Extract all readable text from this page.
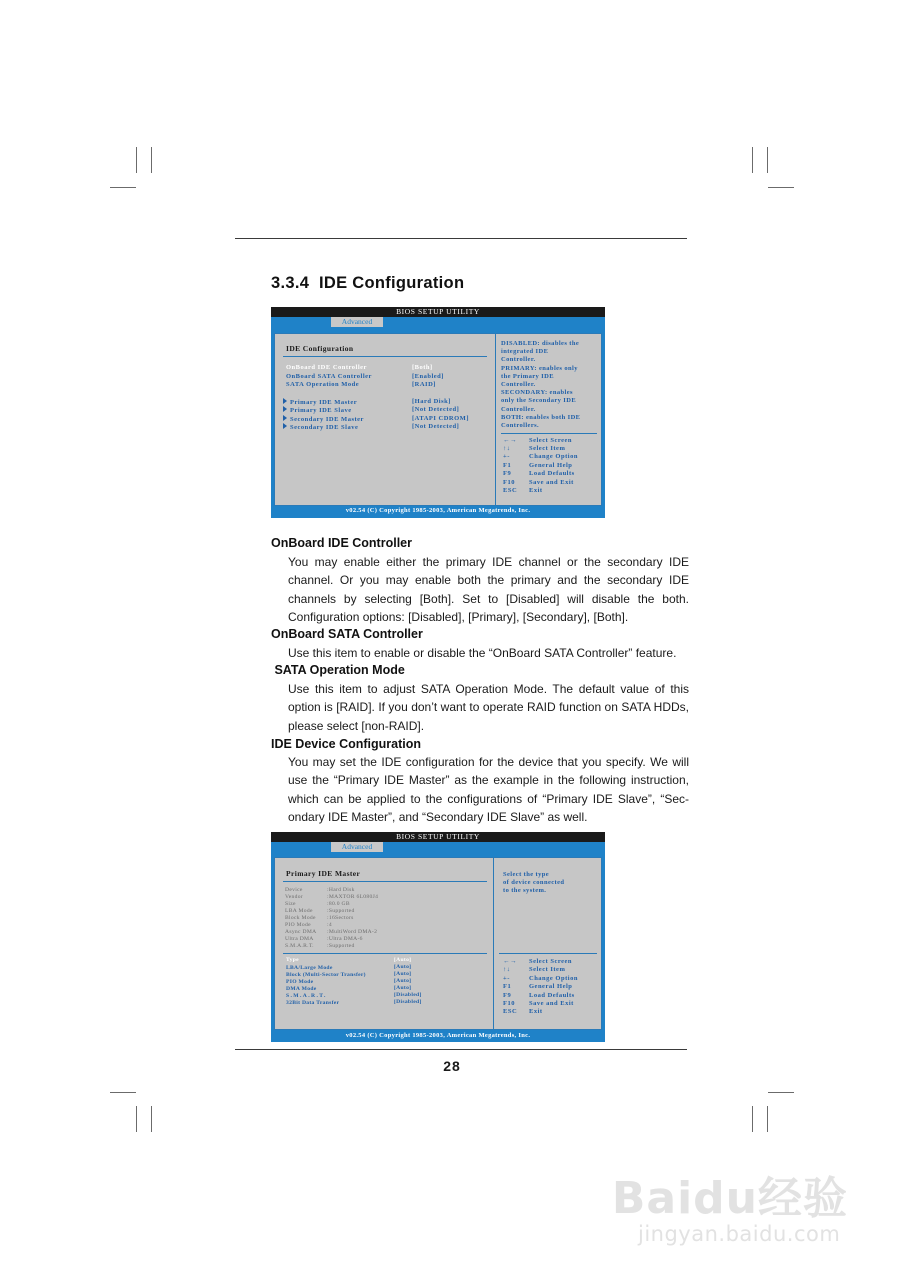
3.3.4 IDE Configuration
BIOS SETUP UTILITY
Advanced
IDE Configuration
OnBoard IDE Controller	[Both]
OnBoard SATA Controller	[Enabled]
SATA Operation Mode	[RAID]
Primary IDE Master	[Hard Disk]
Primary IDE Slave	[Not Detected]
Secondary IDE Master	[ATAPI CDROM]
Secondary IDE Slave	[Not Detected]
DISABLED: disables the
integrated IDE
Controller.
PRIMARY: enables only
the Primary IDE
Controller.
SECONDARY: enables
only the Secondary IDE
Controller.
BOTH: enables both IDE
Controllers.
←→ Select Screen
↑↓	Select Item
+-	Change Option
F1	General Help
F9	Load Defaults
F10 Save and Exit
ESC Exit
v02.54 (C) Copyright 1985-2003, American Megatrends, Inc.
OnBoard IDE Controller
You may enable either the primary IDE channel or the secondary IDE channel. Or you may enable both the primary and the secondary IDE channels by selecting [Both]. Set to [Disabled] will disable the both. Configuration options: [Disabled], [Primary], [Secondary], [Both].
OnBoard SATA Controller
Use this item to enable or disable the “OnBoard SATA Controller” feature.
SATA Operation Mode
Use this item to adjust SATA Operation Mode. The default value of this option is [RAID]. If you don’t want to operate RAID function on SATA HDDs, please select [non-RAID].
IDE Device Configuration
You may set the IDE configuration for the device that you specify. We will use the “Primary IDE Master” as the example in the following instruction, which can be applied to the configurations of “Primary IDE Slave”, “Sec-ondary IDE Master”, and “Secondary IDE Slave” as well.
BIOS SETUP UTILITY
Advanced
Primary IDE Master
Device	:Hard Disk
Vendor	:MAXTOR 6L080J4
Size	:80.0 GB
LBA Mode	:Supported
Block Mode :16Sectors
PIO Mode	:4
Async DMA :MultiWord DMA-2
Ultra DMA :Ultra DMA-6
S.M.A.R.T. :Supported
Type	[Auto]
LBA/Large Mode	[Auto]
Block (Multi-Sector Transfer)	[Auto]
PIO Mode	[Auto]
DMA Mode	[Auto]
S.M.A.R.T.	[Disabled]
32Bit Data Transfer	[Disabled]
Select the type
of device connected
to the system.
←→ Select Screen
↑↓	Select Item
+-	Change Option
F1	General Help
F9	Load Defaults
F10 Save and Exit
ESC Exit
v02.54 (C) Copyright 1985-2003, American Megatrends, Inc.
28
Baidu经验
jingyan.baidu.com
